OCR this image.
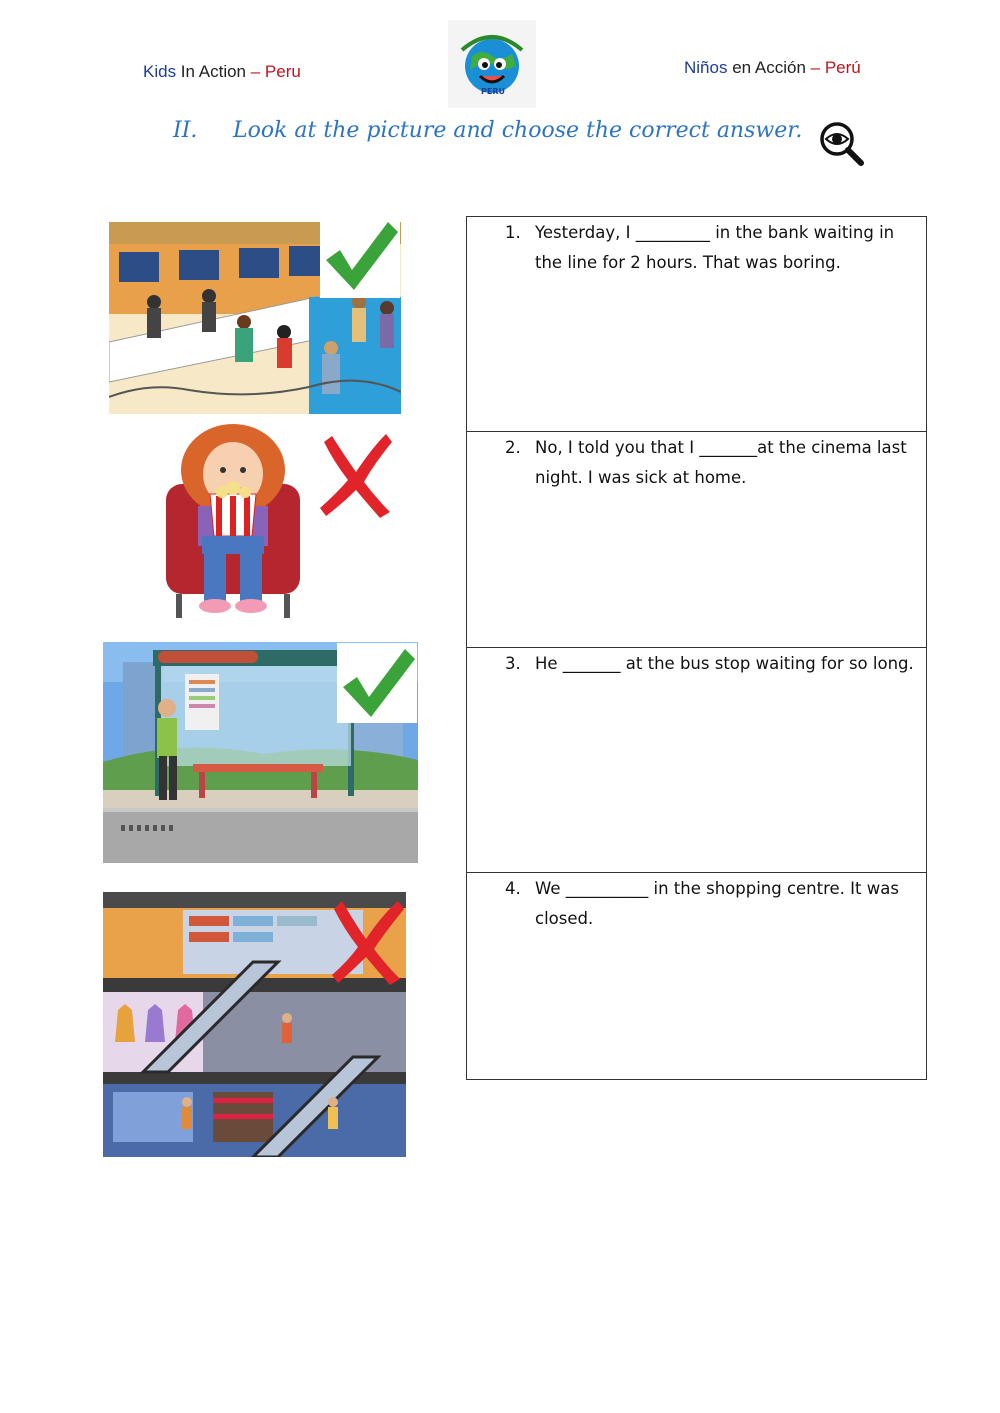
Kids In Action – Peru
PERU
Niños en Acción – Perú
II. Look at the picture and choose the correct answer.
1. Yesterday, I _________ in the bank waiting in the line for 2 hours. That was boring.

2. No, I told you that I _______at the cinema last night. I was sick at home.

3. He _______ at the bus stop waiting for so long.

4. We __________ in the shopping centre. It was closed.
